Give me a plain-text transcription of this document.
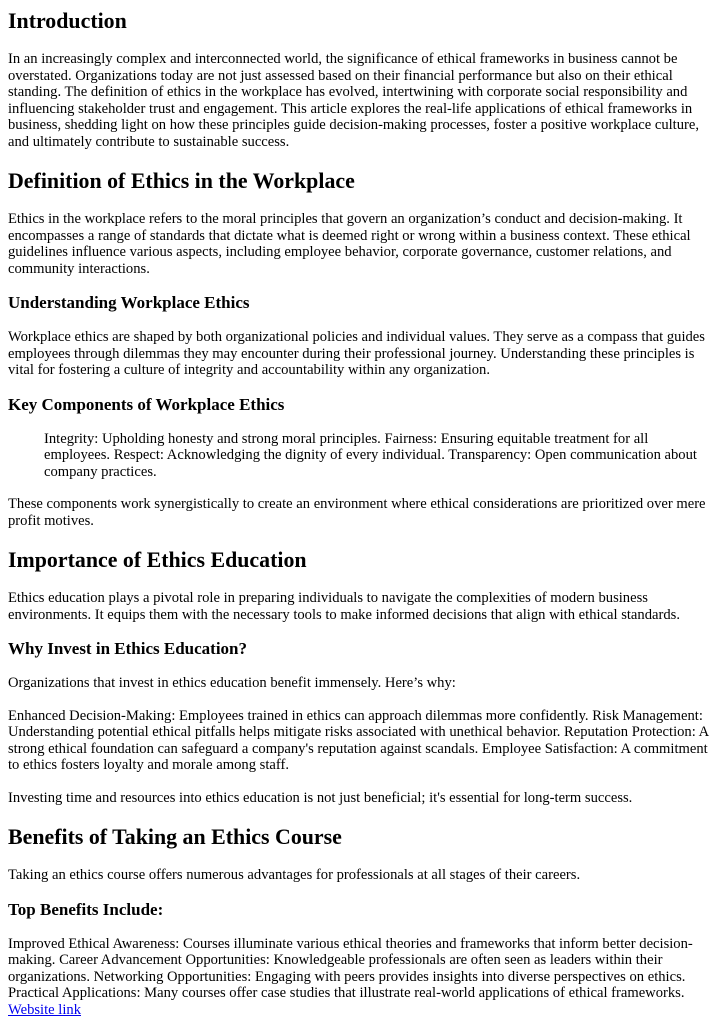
Introduction

In an increasingly complex and interconnected world, the significance of ethical frameworks in business cannot be overstated. Organizations today are not just assessed based on their financial performance but also on their ethical standing. The definition of ethics in the workplace has evolved, intertwining with corporate social responsibility and influencing stakeholder trust and engagement. This article explores the real-life applications of ethical frameworks in business, shedding light on how these principles guide decision-making processes, foster a positive workplace culture, and ultimately contribute to sustainable success.

Definition of Ethics in the Workplace

Ethics in the workplace refers to the moral principles that govern an organization’s conduct and decision-making. It encompasses a range of standards that dictate what is deemed right or wrong within a business context. These ethical guidelines influence various aspects, including employee behavior, corporate governance, customer relations, and community interactions.

Understanding Workplace Ethics

Workplace ethics are shaped by both organizational policies and individual values. They serve as a compass that guides employees through dilemmas they may encounter during their professional journey. Understanding these principles is vital for fostering a culture of integrity and accountability within any organization.

Key Components of Workplace Ethics
Integrity: Upholding honesty and strong moral principles. Fairness: Ensuring equitable treatment for all employees. Respect: Acknowledging the dignity of every individual. Transparency: Open communication about company practices.

These components work synergistically to create an environment where ethical considerations are prioritized over mere profit motives.

Importance of Ethics Education

Ethics education plays a pivotal role in preparing individuals to navigate the complexities of modern business environments. It equips them with the necessary tools to make informed decisions that align with ethical standards.

Why Invest in Ethics Education?

Organizations that invest in ethics education benefit immensely. Here’s why:

Enhanced Decision-Making: Employees trained in ethics can approach dilemmas more confidently. Risk Management: Understanding potential ethical pitfalls helps mitigate risks associated with unethical behavior. Reputation Protection: A strong ethical foundation can safeguard a company's reputation against scandals. Employee Satisfaction: A commitment to ethics fosters loyalty and morale among staff.

Investing time and resources into ethics education is not just beneficial; it's essential for long-term success.

Benefits of Taking an Ethics Course

Taking an ethics course offers numerous advantages for professionals at all stages of their careers.

Top Benefits Include:

Improved Ethical Awareness: Courses illuminate various ethical theories and frameworks that inform better decision-making. Career Advancement Opportunities: Knowledgeable professionals are often seen as leaders within their organizations. Networking Opportunities: Engaging with peers provides insights into diverse perspectives on ethics. Practical Applications: Many courses offer case studies that illustrate real-world applications of ethical frameworks. Website link
